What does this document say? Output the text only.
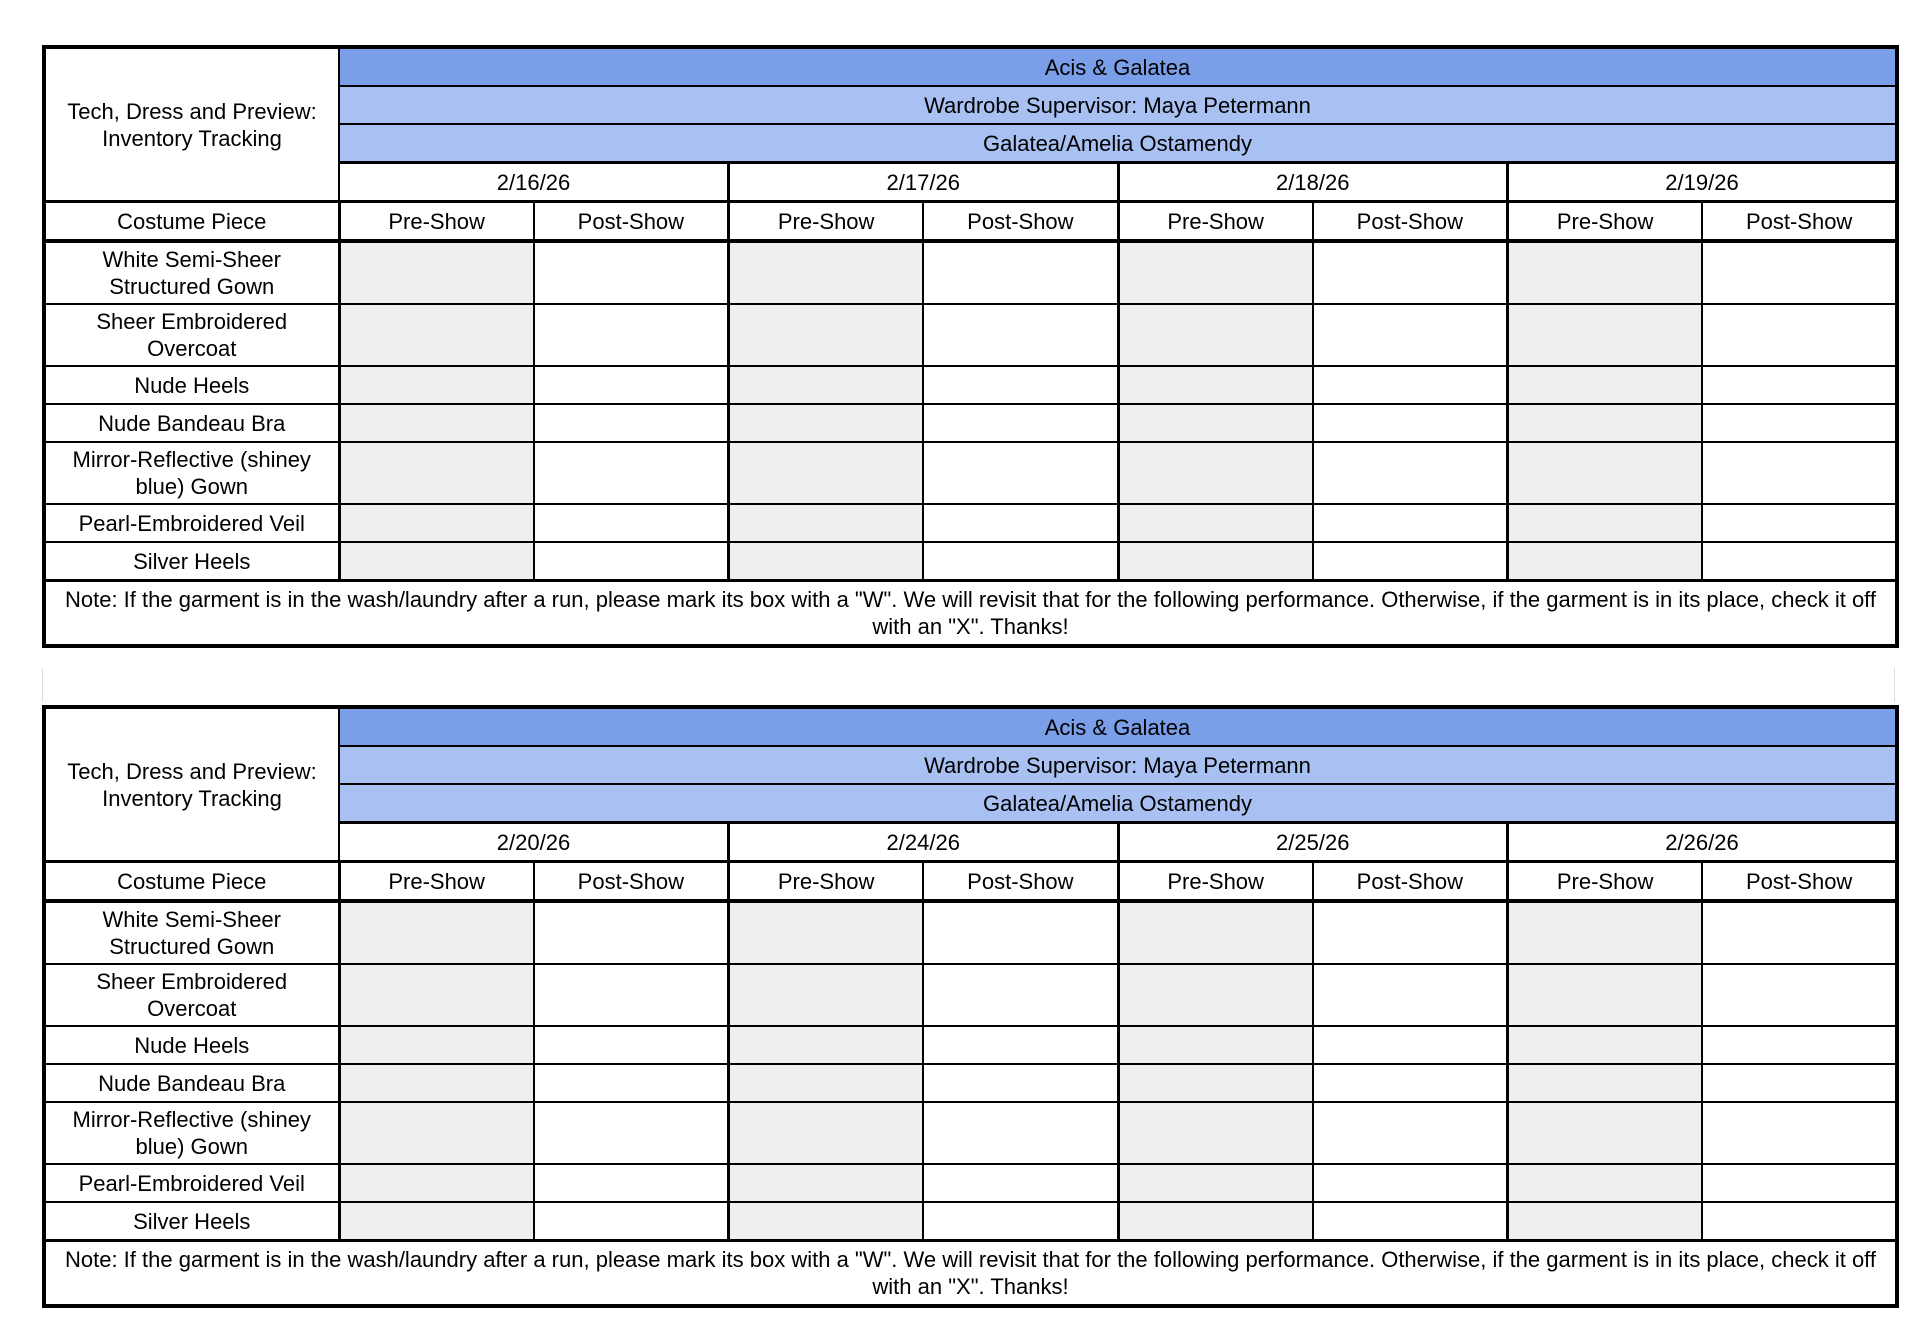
Tech, Dress and Preview: Inventory Tracking	Acis & Galatea							
	Wardrobe Supervisor: Maya Petermann							
	Galatea/Amelia Ostamendy							
	2/16/26		2/17/26		2/18/26		2/19/26	
Costume Piece	Pre-Show	Post-Show	Pre-Show	Post-Show	Pre-Show	Post-Show	Pre-Show	Post-Show
White Semi-Sheer Structured Gown								
Sheer Embroidered Overcoat								
Nude Heels								
Nude Bandeau Bra								
Mirror-Reflective (shiney blue) Gown								
Pearl-Embroidered Veil								
Silver Heels								
Note: If the garment is in the wash/laundry after a run, please mark its box with a "W". We will revisit that for the following performance. Otherwise, if the garment is in its place, check it off with an "X". Thanks!								
Tech, Dress and Preview: Inventory Tracking	Acis & Galatea							
	Wardrobe Supervisor: Maya Petermann							
	Galatea/Amelia Ostamendy							
	2/20/26		2/24/26		2/25/26		2/26/26	
Costume Piece	Pre-Show	Post-Show	Pre-Show	Post-Show	Pre-Show	Post-Show	Pre-Show	Post-Show
White Semi-Sheer Structured Gown								
Sheer Embroidered Overcoat								
Nude Heels								
Nude Bandeau Bra								
Mirror-Reflective (shiney blue) Gown								
Pearl-Embroidered Veil								
Silver Heels								
Note: If the garment is in the wash/laundry after a run, please mark its box with a "W". We will revisit that for the following performance. Otherwise, if the garment is in its place, check it off with an "X". Thanks!								
